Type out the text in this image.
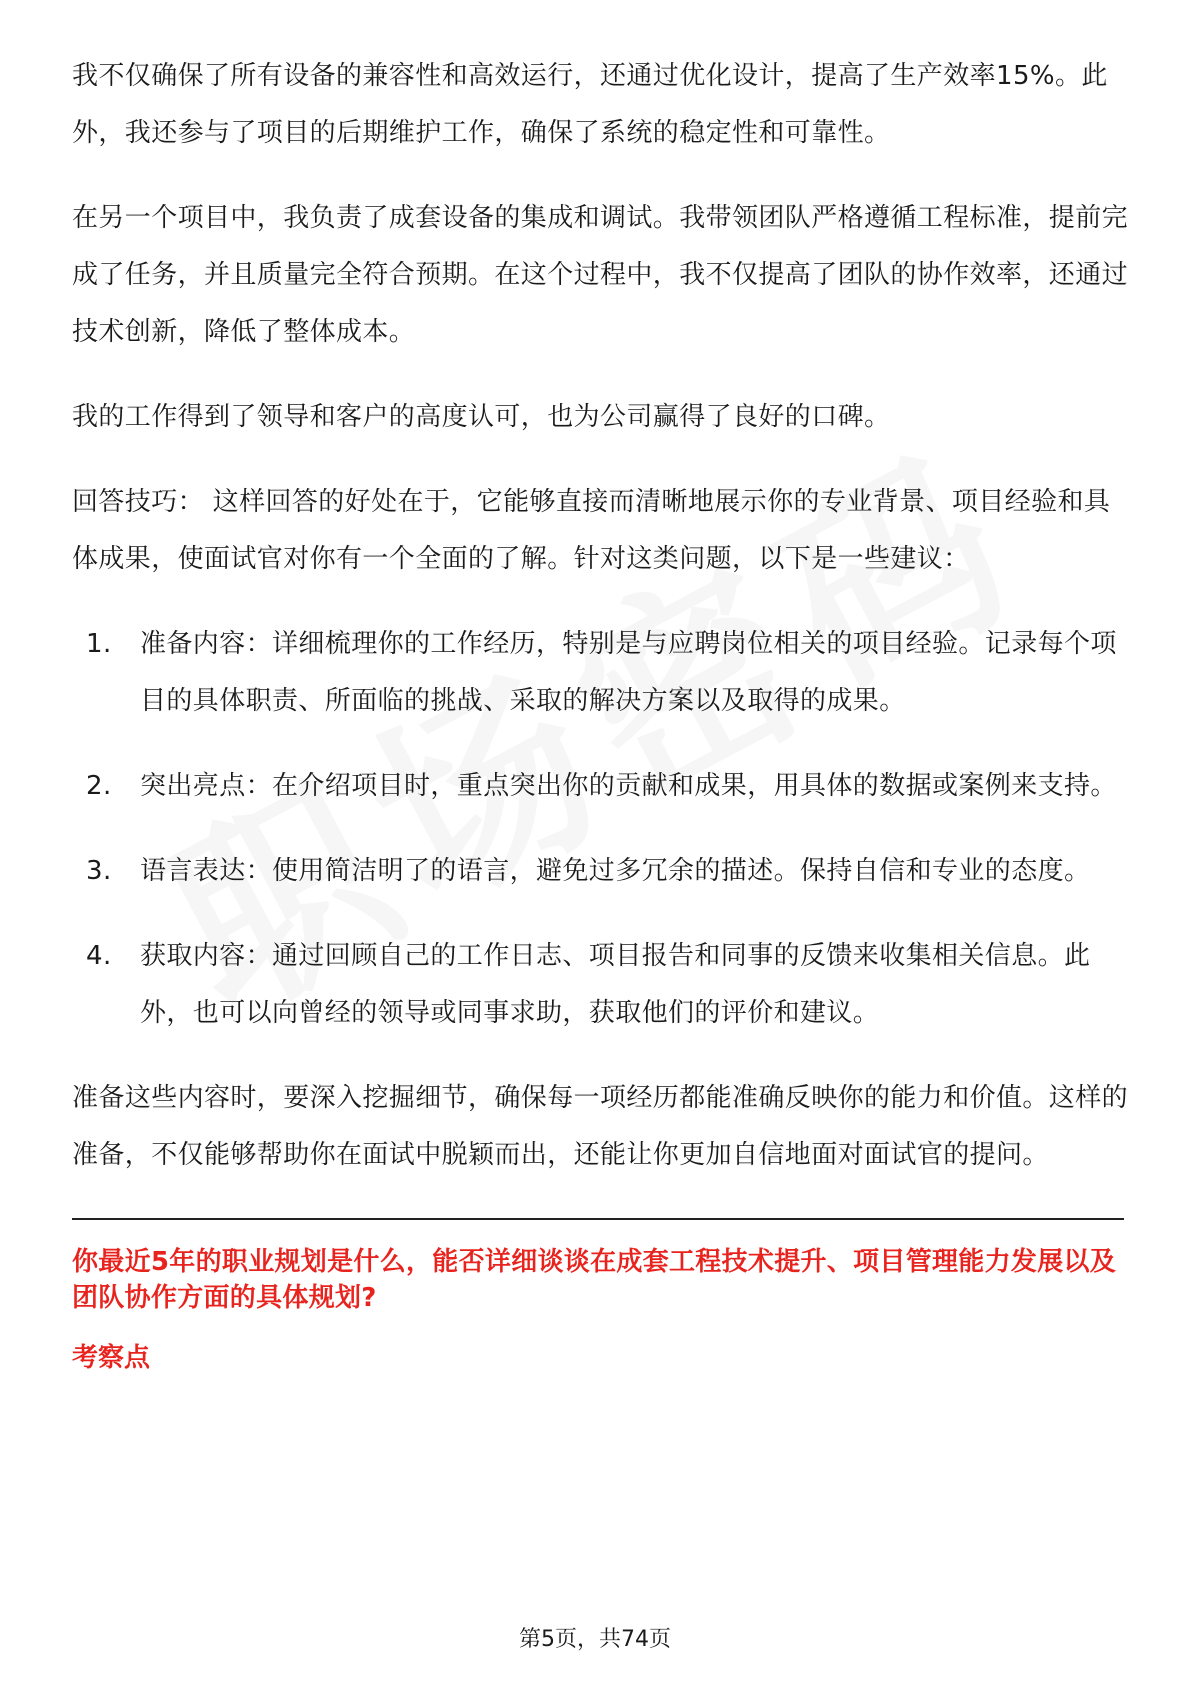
我不仅确保了所有设备的兼容性和高效运行，还通过优化设计，提高了生产效率15%。此外，我还参与了项目的后期维护工作，确保了系统的稳定性和可靠性。

在另一个项目中，我负责了成套设备的集成和调试。我带领团队严格遵循工程标准，提前完成了任务，并且质量完全符合预期。在这个过程中，我不仅提高了团队的协作效率，还通过技术创新，降低了整体成本。

我的工作得到了领导和客户的高度认可，也为公司赢得了良好的口碑。

回答技巧： 这样回答的好处在于，它能够直接而清晰地展示你的专业背景、项目经验和具体成果，使面试官对你有一个全面的了解。针对这类问题，以下是一些建议：

1. 准备内容：详细梳理你的工作经历，特别是与应聘岗位相关的项目经验。记录每个项目的具体职责、所面临的挑战、采取的解决方案以及取得的成果。
2. 突出亮点：在介绍项目时，重点突出你的贡献和成果，用具体的数据或案例来支持。
3. 语言表达：使用简洁明了的语言，避免过多冗余的描述。保持自信和专业的态度。
4. 获取内容：通过回顾自己的工作日志、项目报告和同事的反馈来收集相关信息。此外，也可以向曾经的领导或同事求助，获取他们的评价和建议。

准备这些内容时，要深入挖掘细节，确保每一项经历都能准确反映你的能力和价值。这样的准备，不仅能够帮助你在面试中脱颖而出，还能让你更加自信地面对面试官的提问。

你最近5年的职业规划是什么，能否详细谈谈在成套工程技术提升、项目管理能力发展以及团队协作方面的具体规划?
考察点
第5页，共74页
